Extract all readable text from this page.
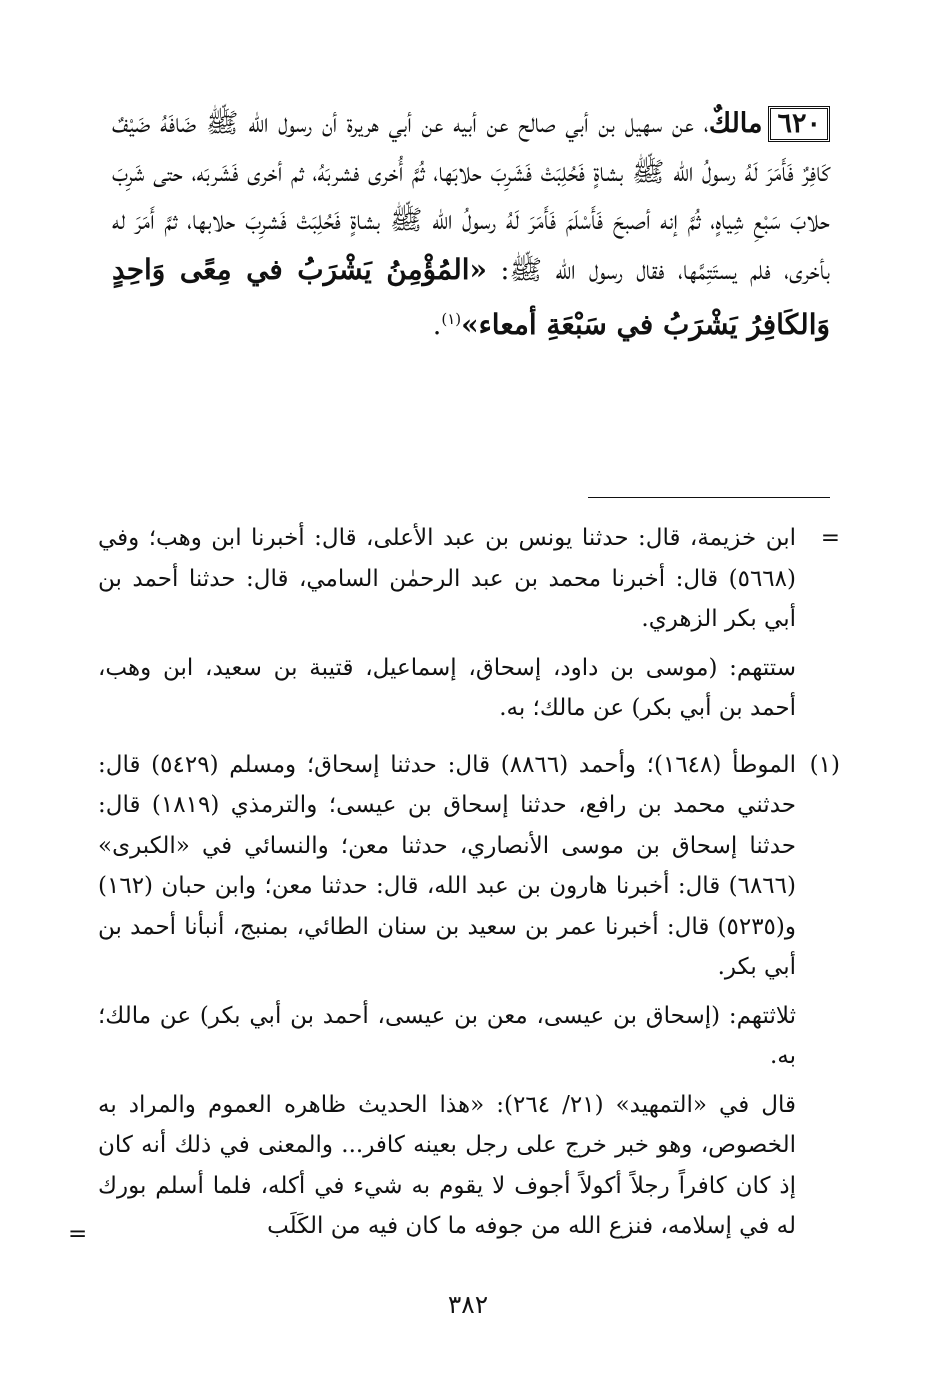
٦٢٠مالكٌ، عن سهيل بن أبي صالح عن أبيه عن أبي هريرة أن رسول الله ﷺ ضَافَهُ ضَيْفٌ كَافِرٌ فَأَمَرَ لَهُ رسولُ الله ﷺ بشاةٍ فَحُلِبَتْ فَشَرِبَ حلابَها، ثُمَّ أُخرى فشربَهُ، ثم أخرى فَشَربَه، حتى شَرِبَ حلابَ سَبْعِ شِياهٍ، ثُمَّ إنه أصبحَ فَأَسْلَمَ فَأَمَرَ لَهُ رسولُ الله ﷺ بشاةٍ فَحُلِبَتْ فَشرِبَ حلابها، ثمَّ أَمَرَ له بأخرى، فلم يستَتِمَّها، فقال رسول الله ﷺ: «المُؤْمِنُ يَشْرَبُ في مِعًى وَاحِدٍ وَالكَافِرُ يَشْرَبُ في سَبْعَةِ أمعاء»$^{(١)}$.

=

ابن خزيمة، قال: حدثنا يونس بن عبد الأعلى، قال: أخبرنا ابن وهب؛ وفي (٥٦٦٨) قال: أخبرنا محمد بن عبد الرحمٰن السامي، قال: حدثنا أحمد بن أبي بكر الزهري.

ستتهم: (موسى بن داود، إسحاق، إسماعيل، قتيبة بن سعيد، ابن وهب، أحمد بن أبي بكر) عن مالك؛ به.

(١)

الموطأ (١٦٤٨)؛ وأحمد (٨٨٦٦) قال: حدثنا إسحاق؛ ومسلم (٥٤٢٩) قال: حدثني محمد بن رافع، حدثنا إسحاق بن عيسى؛ والترمذي (١٨١٩) قال: حدثنا إسحاق بن موسى الأنصاري، حدثنا معن؛ والنسائي في «الكبرى» (٦٨٦٦) قال: أخبرنا هارون بن عبد الله، قال: حدثنا معن؛ وابن حبان (١٦٢) و(٥٢٣٥) قال: أخبرنا عمر بن سعيد بن سنان الطائي، بمنبج، أنبأنا أحمد بن أبي بكر.

ثلاثتهم: (إسحاق بن عيسى، معن بن عيسى، أحمد بن أبي بكر) عن مالك؛ به.

قال في «التمهيد» (٢١/ ٢٦٤): «هذا الحديث ظاهره العموم والمراد به الخصوص، وهو خبر خرج على رجل بعينه كافر... والمعنى في ذلك أنه كان إذ كان كافراً رجلاً أكولاً أجوف لا يقوم به شيء في أكله، فلما أسلم بورك له في إسلامه، فنزع الله من جوفه ما كان فيه من الكَلَب

=
٣٨٢
